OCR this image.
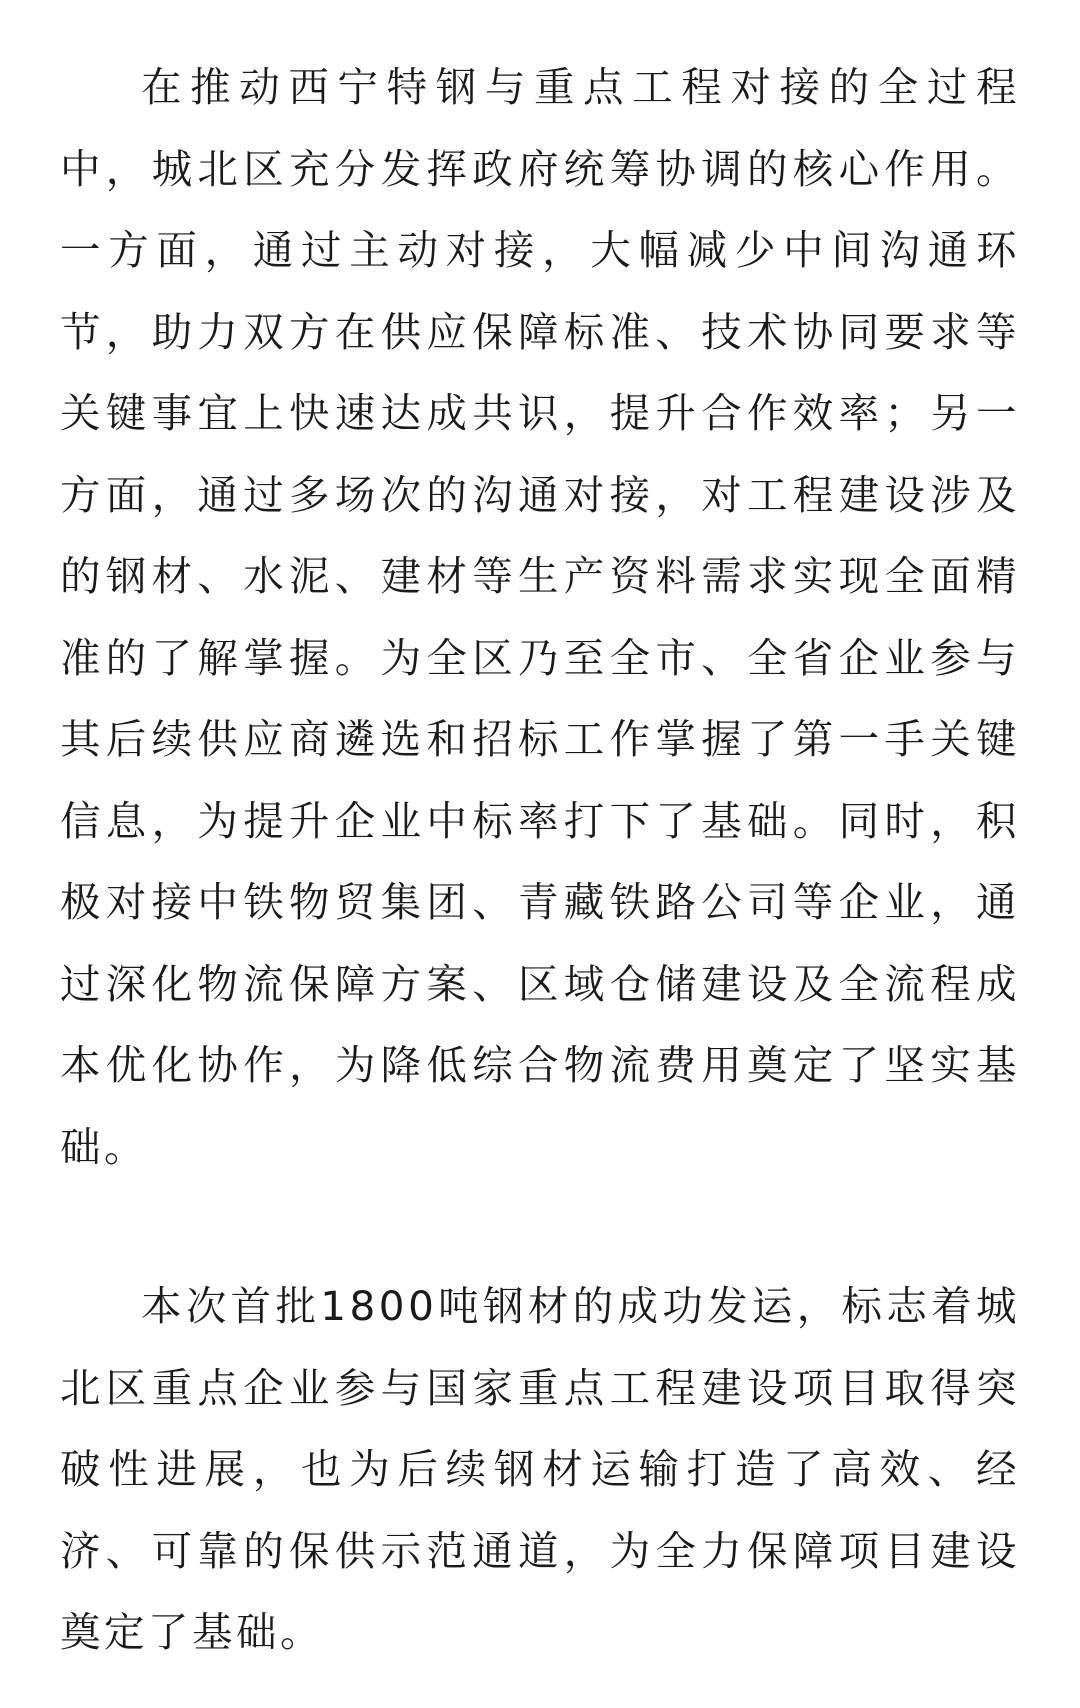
在推动西宁特钢与重点工程对接的全过程中，城北区充分发挥政府统筹协调的核心作用。一方面，通过主动对接，大幅减少中间沟通环节，助力双方在供应保障标准、技术协同要求等关键事宜上快速达成共识，提升合作效率；另一方面，通过多场次的沟通对接，对工程建设涉及的钢材、水泥、建材等生产资料需求实现全面精准的了解掌握。为全区乃至全市、全省企业参与其后续供应商遴选和招标工作掌握了第一手关键信息，为提升企业中标率打下了基础。同时，积极对接中铁物贸集团、青藏铁路公司等企业，通过深化物流保障方案、区域仓储建设及全流程成本优化协作，为降低综合物流费用奠定了坚实基础。

本次首批1800吨钢材的成功发运，标志着城北区重点企业参与国家重点工程建设项目取得突破性进展，也为后续钢材运输打造了高效、经济、可靠的保供示范通道，为全力保障项目建设奠定了基础。
